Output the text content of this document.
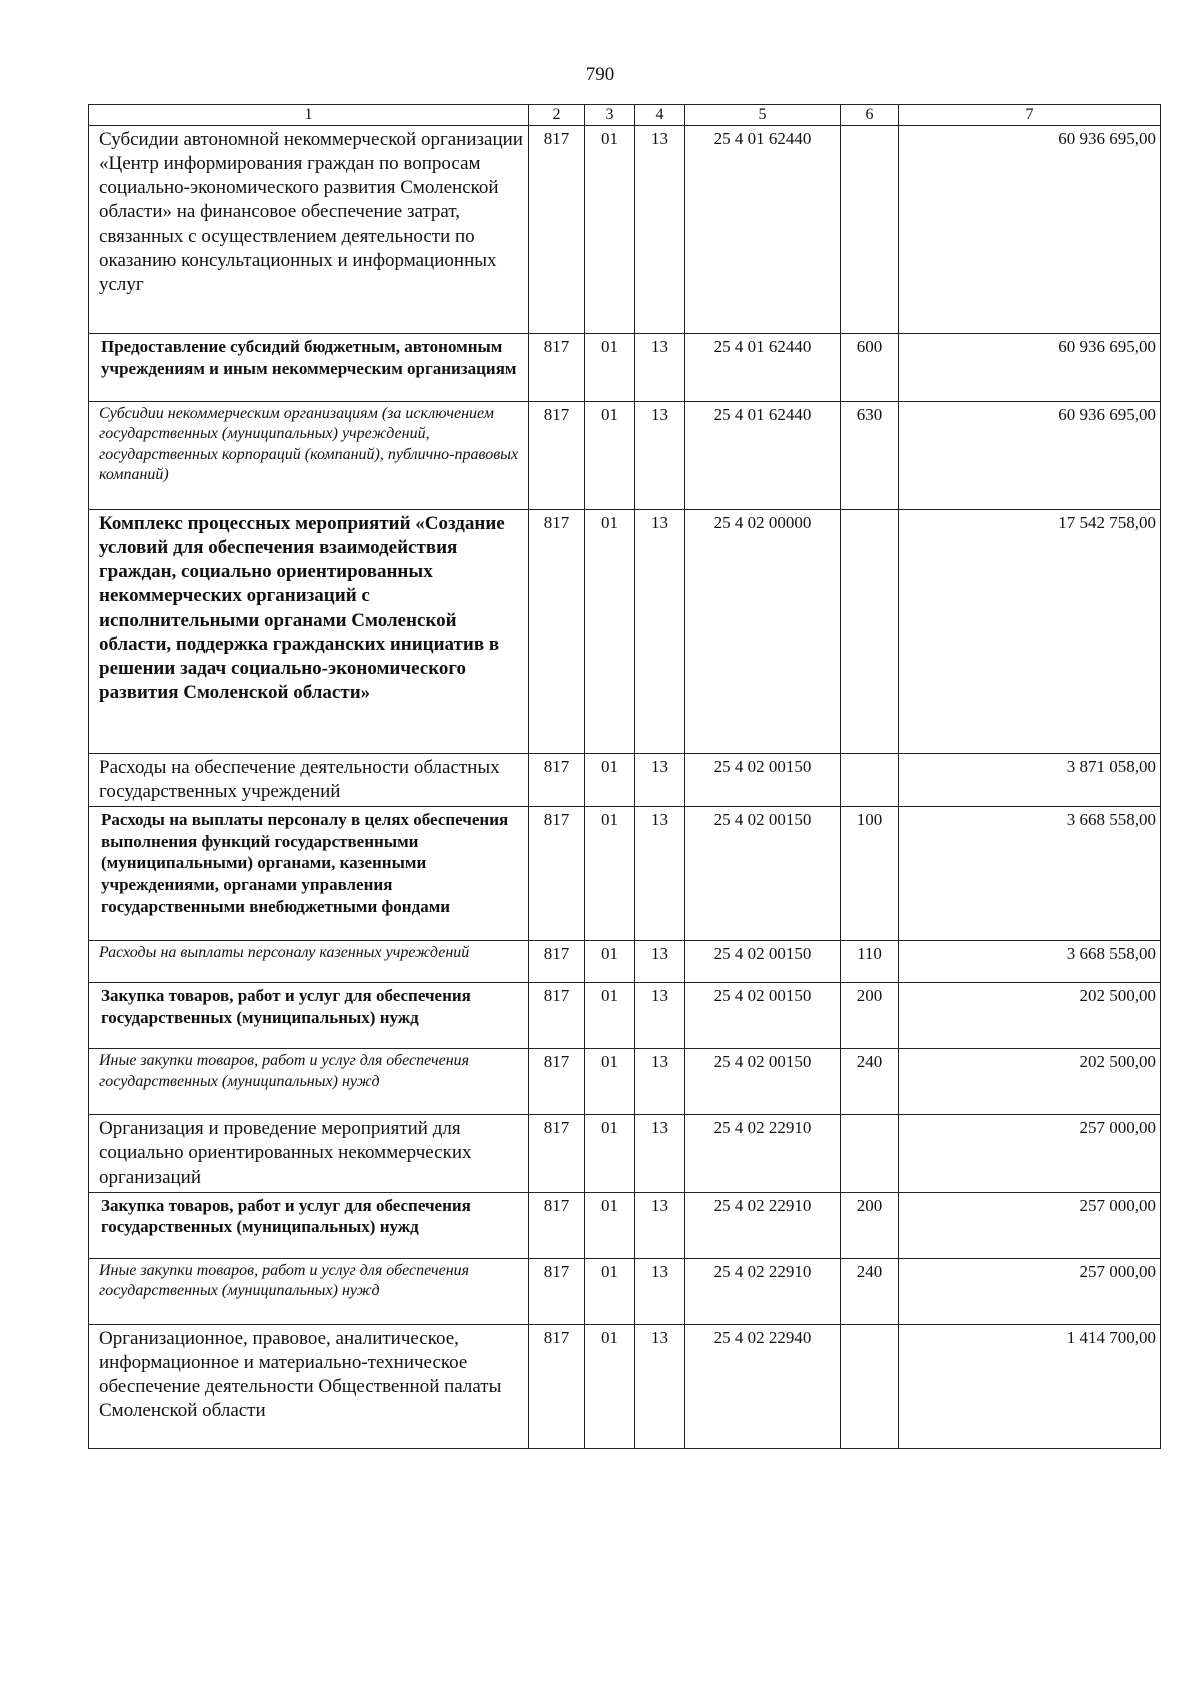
790
1	2	3	4	5	6	7
Субсидии автономной некоммерческой организации «Центр информирования граждан по вопросам социально-экономического развития Смоленской области» на финансовое обеспечение затрат, связанных с осуществлением деятельности по оказанию консультационных и информационных услуг	817	01	13	25 4 01 62440		60 936 695,00
Предоставление субсидий бюджетным, автономным учреждениям и иным некоммерческим организациям	817	01	13	25 4 01 62440	600	60 936 695,00
Субсидии некоммерческим организациям (за исключением государственных (муниципальных) учреждений, государственных корпораций (компаний), публично-правовых компаний)	817	01	13	25 4 01 62440	630	60 936 695,00
Комплекс процессных мероприятий «Создание условий для обеспечения взаимодействия граждан, социально ориентированных некоммерческих организаций с исполнительными органами Смоленской области, поддержка гражданских инициатив в решении задач социально-экономического развития Смоленской области»	817	01	13	25 4 02 00000		17 542 758,00
Расходы на обеспечение деятельности областных государственных учреждений	817	01	13	25 4 02 00150		3 871 058,00
Расходы на выплаты персоналу в целях обеспечения выполнения функций государственными (муниципальными) органами, казенными учреждениями, органами управления государственными внебюджетными фондами	817	01	13	25 4 02 00150	100	3 668 558,00
Расходы на выплаты персоналу казенных учреждений	817	01	13	25 4 02 00150	110	3 668 558,00
Закупка товаров, работ и услуг для обеспечения государственных (муниципальных) нужд	817	01	13	25 4 02 00150	200	202 500,00
Иные закупки товаров, работ и услуг для обеспечения государственных (муниципальных) нужд	817	01	13	25 4 02 00150	240	202 500,00
Организация и проведение мероприятий для социально ориентированных некоммерческих организаций	817	01	13	25 4 02 22910		257 000,00
Закупка товаров, работ и услуг для обеспечения государственных (муниципальных) нужд	817	01	13	25 4 02 22910	200	257 000,00
Иные закупки товаров, работ и услуг для обеспечения государственных (муниципальных) нужд	817	01	13	25 4 02 22910	240	257 000,00
Организационное, правовое, аналитическое, информационное и материально-техническое обеспечение деятельности Общественной палаты Смоленской области	817	01	13	25 4 02 22940		1 414 700,00
